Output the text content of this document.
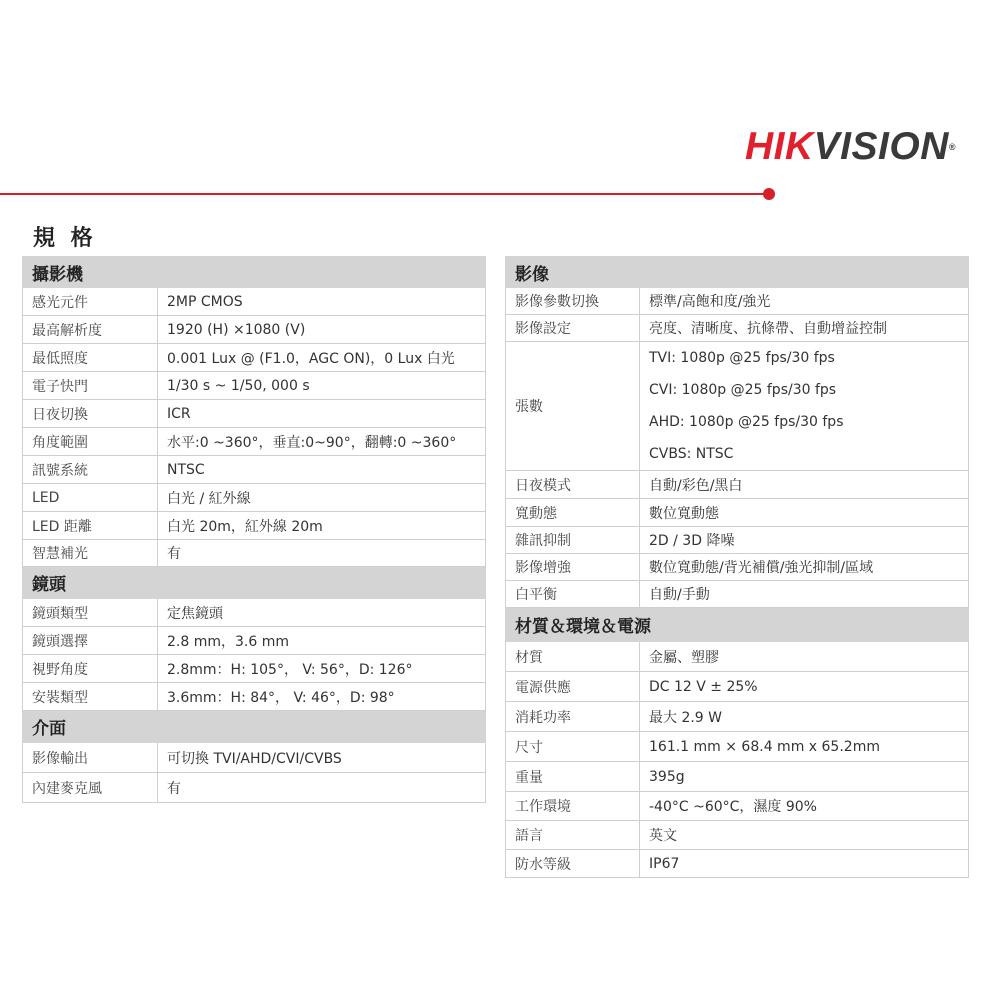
HIKVISION®
規 格
攝影機	
感光元件	2MP CMOS
最高解析度	1920 (H) ×1080 (V)
最低照度	0.001 Lux @ (F1.0，AGC ON)，0 Lux 白光
電子快門	1/30 s ~ 1/50, 000 s
日夜切換	ICR
角度範圍	水平:0 ~360°，垂直:0~90°，翻轉:0 ~360°
訊號系統	NTSC
LED	白光 / 紅外線
LED 距離	白光 20m，紅外線 20m
智慧補光	有
鏡頭	
鏡頭類型	定焦鏡頭
鏡頭選擇	2.8 mm，3.6 mm
視野角度	2.8mm：H: 105°， V: 56°，D: 126°
安裝類型	3.6mm：H: 84°， V: 46°，D: 98°
介面	
影像輸出	可切換 TVI/AHD/CVI/CVBS
內建麥克風	有
影像	
影像參數切換	標準/高飽和度/強光
影像設定	亮度、清晰度、抗條帶、自動增益控制
張數	TVI: 1080p @25 fps/30 fps
CVI: 1080p @25 fps/30 fps
AHD: 1080p @25 fps/30 fps
CVBS: NTSC

日夜模式	自動/彩色/黑白
寬動態	數位寬動態
雜訊抑制	2D / 3D 降噪
影像增強	數位寬動態/背光補償/強光抑制/區域
白平衡	自動/手動
材質＆環境＆電源	
材質	金屬、塑膠
電源供應	DC 12 V ± 25%
消耗功率	最大 2.9 W
尺寸	161.1 mm × 68.4 mm x 65.2mm
重量	395g
工作環境	-40°C ~60°C，濕度 90%
語言	英文
防水等級	IP67
